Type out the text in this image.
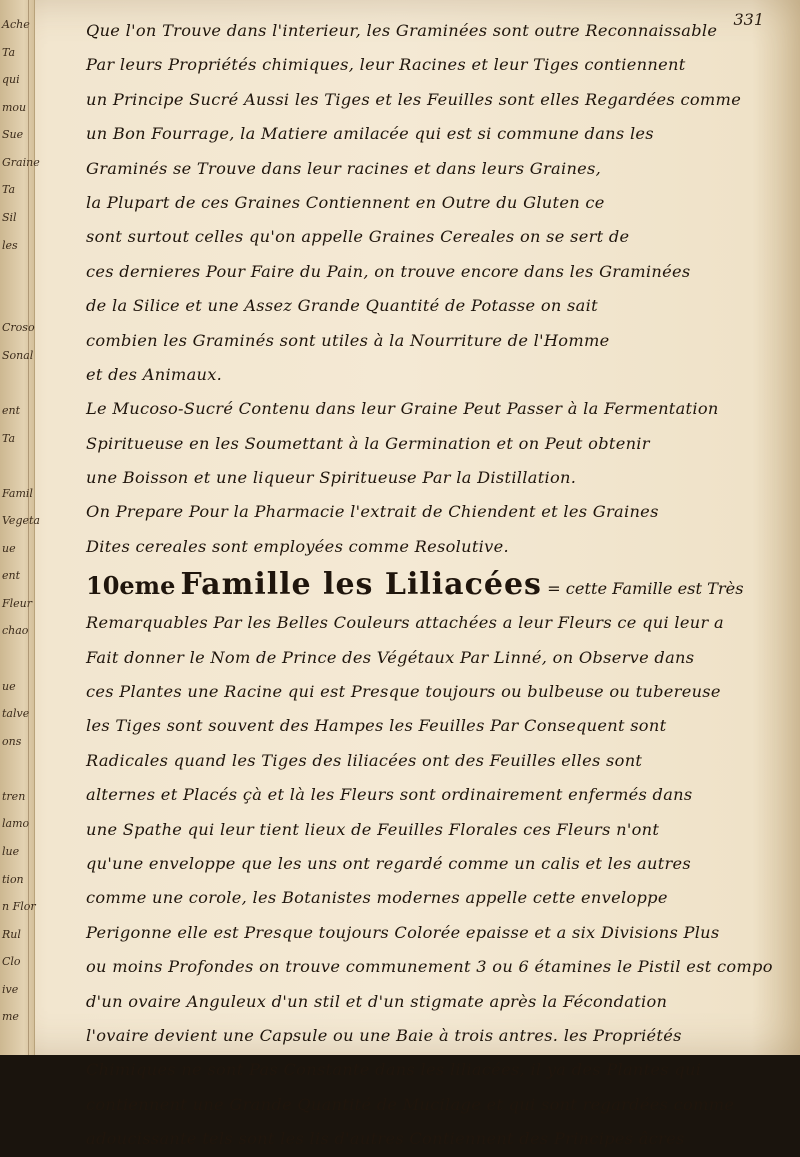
Ache
Ta
qui
mou
Sue
Graine
Ta
Sil
les
Croso
Sonal
ent
Ta
Famil
Vegeta
ue
ent
Fleur
chao
ue
talve
ons
tren
lamo
lue
tion
n Flor
Rul
Clo
ive
me
331
Que l'on Trouve dans l'interieur, les Graminées sont outre Reconnaissable
Par leurs Propriétés chimiques, leur Racines et leur Tiges contiennent
un Principe Sucré Aussi les Tiges et les Feuilles sont elles Regardées comme
un Bon Fourrage, la Matiere amilacée qui est si commune dans les
Graminés se Trouve dans leur racines et dans leurs Graines,
la Plupart de ces Graines Contiennent en Outre du Gluten ce
sont surtout celles qu'on appelle Graines Cereales on se sert de
ces dernieres Pour Faire du Pain, on trouve encore dans les Graminées
de la Silice et une Assez Grande Quantité de Potasse on sait
combien les Graminés sont utiles à la Nourriture de l'Homme
et des Animaux.
Le Mucoso-Sucré Contenu dans leur Graine Peut Passer à la Fermentation
Spiritueuse en les Soumettant à la Germination et on Peut obtenir
une Boisson et une liqueur Spiritueuse Par la Distillation.
On Prepare Pour la Pharmacie l'extrait de Chiendent et les Graines
Dites cereales sont employées comme Resolutive.
10eme Famille les Liliacées = cette Famille est Très
Remarquables Par les Belles Couleurs attachées a leur Fleurs ce qui leur a
Fait donner le Nom de Prince des Végétaux Par Linné, on Observe dans
ces Plantes une Racine qui est Presque toujours ou bulbeuse ou tubereuse
les Tiges sont souvent des Hampes les Feuilles Par Consequent sont
Radicales quand les Tiges des liliacées ont des Feuilles elles sont
alternes et Placés çà et là les Fleurs sont ordinairement enfermés dans
une Spathe qui leur tient lieux de Feuilles Florales ces Fleurs n'ont
qu'une enveloppe que les uns ont regardé comme un calis et les autres
comme une corole, les Botanistes modernes appelle cette enveloppe
Perigonne elle est Presque toujours Colorée epaisse et a six Divisions Plus
ou moins Profondes on trouve communement 3 ou 6 étamines le Pistil est compo
d'un ovaire Anguleux d'un stil et d'un stigmate après la Fécondation
l'ovaire devient une Capsule ou une Baie à trois antres. les Propriétés
Chimiques ne sont Pas Constante dans les liliacées, il ya des Plantes qui
contiennent une Grande Quantité de Mucilage et qui sont regardées comme
adoucissante tels sont les lis d'autres Contiennent des Principes âcres
